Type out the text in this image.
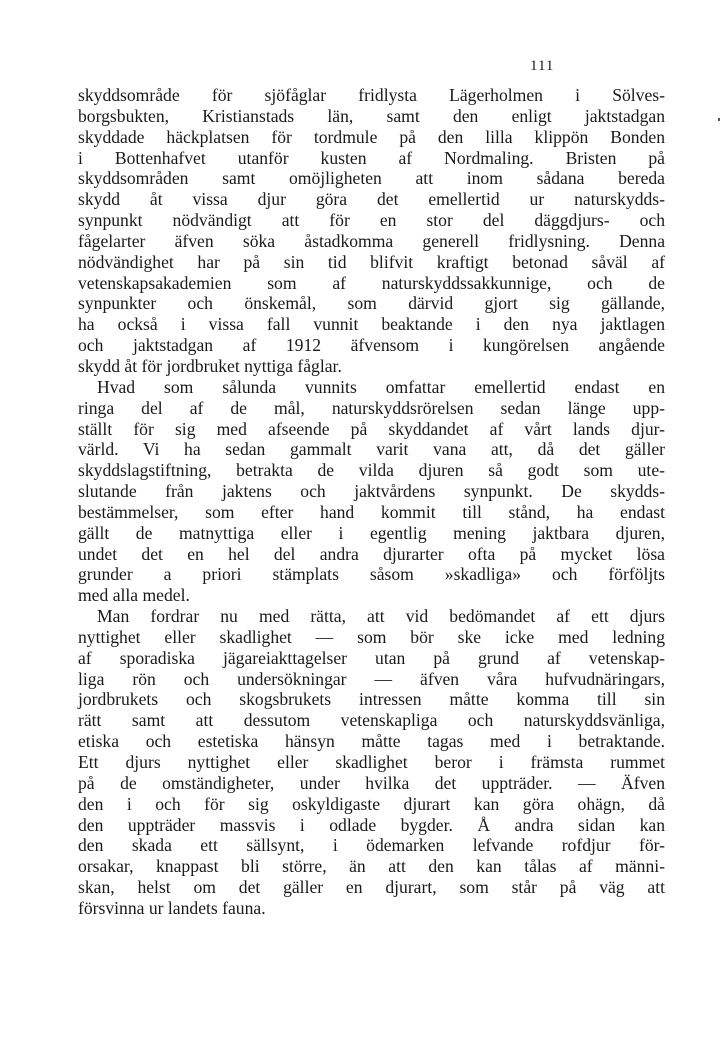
111
skyddsområde för sjöfåglar fridlysta Lägerholmen i Sölves-
borgsbukten, Kristianstads län, samt den enligt jaktstadgan
skyddade häckplatsen för tordmule på den lilla klippön Bonden
i Bottenhafvet utanför kusten af Nordmaling. Bristen på
skyddsområden samt omöjligheten att inom sådana bereda
skydd åt vissa djur göra det emellertid ur naturskydds-
synpunkt nödvändigt att för en stor del däggdjurs- och
fågelarter äfven söka åstadkomma generell fridlysning. Denna
nödvändighet har på sin tid blifvit kraftigt betonad såväl af
vetenskapsakademien som af naturskyddssakkunnige, och de
synpunkter och önskemål, som därvid gjort sig gällande,
ha också i vissa fall vunnit beaktande i den nya jaktlagen
och jaktstadgan af 1912 äfvensom i kungörelsen angående
skydd åt för jordbruket nyttiga fåglar.
Hvad som sålunda vunnits omfattar emellertid endast en
ringa del af de mål, naturskyddsrörelsen sedan länge upp-
ställt för sig med afseende på skyddandet af vårt lands djur-
värld. Vi ha sedan gammalt varit vana att, då det gäller
skyddslagstiftning, betrakta de vilda djuren så godt som ute-
slutande från jaktens och jaktvårdens synpunkt. De skydds-
bestämmelser, som efter hand kommit till stånd, ha endast
gällt de matnyttiga eller i egentlig mening jaktbara djuren,
undet det en hel del andra djurarter ofta på mycket lösa
grunder a priori stämplats såsom »skadliga» och förföljts
med alla medel.
Man fordrar nu med rätta, att vid bedömandet af ett djurs
nyttighet eller skadlighet — som bör ske icke med ledning
af sporadiska jägareiakttagelser utan på grund af vetenskap-
liga rön och undersökningar — äfven våra hufvudnäringars,
jordbrukets och skogsbrukets intressen måtte komma till sin
rätt samt att dessutom vetenskapliga och naturskyddsvänliga,
etiska och estetiska hänsyn måtte tagas med i betraktande.
Ett djurs nyttighet eller skadlighet beror i främsta rummet
på de omständigheter, under hvilka det uppträder. — Äfven
den i och för sig oskyldigaste djurart kan göra ohägn, då
den uppträder massvis i odlade bygder. Å andra sidan kan
den skada ett sällsynt, i ödemarken lefvande rofdjur för-
orsakar, knappast bli större, än att den kan tålas af männi-
skan, helst om det gäller en djurart, som står på väg att
försvinna ur landets fauna.
